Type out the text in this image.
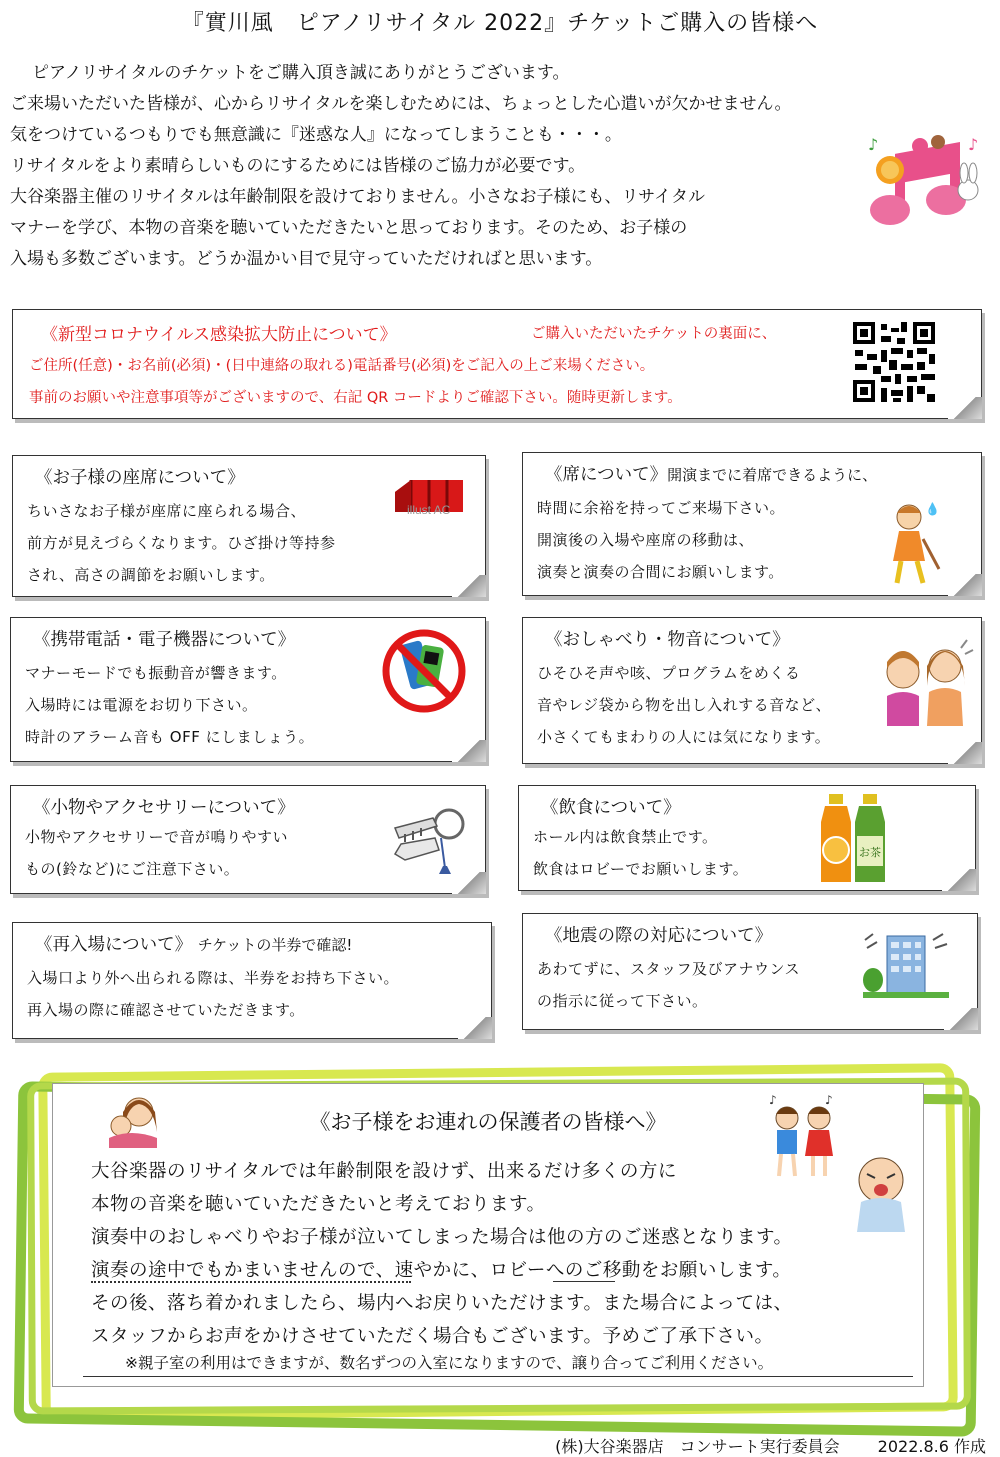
『實川風　ピアノリサイタル 2022』チケットご購入の皆様へ
ピアノリサイタルのチケットをご購入頂き誠にありがとうございます。
ご来場いただいた皆様が、心からリサイタルを楽しむためには、ちょっとした心遣いが欠かせません。
気をつけているつもりでも無意識に『迷惑な人』になってしまうことも・・・。
リサイタルをより素晴らしいものにするためには皆様のご協力が必要です。
大谷楽器主催のリサイタルは年齢制限を設けておりません。小さなお子様にも、リサイタル
マナーを学び、本物の音楽を聴いていただきたいと思っております。そのため、お子様の
入場も多数ございます。どうか温かい目で見守っていただければと思います。
♪	♪
《新型コロナウイルス感染拡大防止について》	ご購入いただいたチケットの裏面に、
ご住所(任意)・お名前(必須)・(日中連絡の取れる)電話番号(必須)をご記入の上ご来場ください。
事前のお願いや注意事項等がございますので、右記 QR コードよりご確認下さい。随時更新します。
《お子様の座席について》
ちいさなお子様が座席に座られる場合、
前方が見えづらくなります。ひざ掛け等持参
され、高さの調節をお願いします。
illust AC
《席について》開演までに着席できるように、
時間に余裕を持ってご来場下さい。
開演後の入場や座席の移動は、
演奏と演奏の合間にお願いします。
💧
《携帯電話・電子機器について》
マナーモードでも振動音が響きます。
入場時には電源をお切り下さい。
時計のアラーム音も OFF にしましょう。
《おしゃべり・物音について》
ひそひそ声や咳、プログラムをめくる
音やレジ袋から物を出し入れする音など、
小さくてもまわりの人には気になります。
《小物やアクセサリーについて》
小物やアクセサリーで音が鳴りやすい
もの(鈴など)にご注意下さい。
《飲食について》
ホール内は飲食禁止です。
飲食はロビーでお願いします。
お茶
《再入場について》 チケットの半券で確認!
入場口より外へ出られる際は、半券をお持ち下さい。
再入場の際に確認させていただきます。
《地震の際の対応について》
あわてずに、スタッフ及びアナウンス
の指示に従って下さい。
《お子様をお連れの保護者の皆様へ》
大谷楽器のリサイタルでは年齢制限を設けず、出来るだけ多くの方に
本物の音楽を聴いていただきたいと考えております。
演奏中のおしゃべりやお子様が泣いてしまった場合は他の方のご迷惑となります。
演奏の途中でもかまいませんので、速やかに、ロビーへのご移動をお願いします。
その後、落ち着かれましたら、場内へお戻りいただけます。また場合によっては、
スタッフからお声をかけさせていただく場合もございます。予めご了承下さい。
※親子室の利用はできますが、数名ずつの入室になりますので、譲り合ってご利用ください。
♪	♪
(株)大谷楽器店　コンサート実行委員会 2022.8.6 作成
